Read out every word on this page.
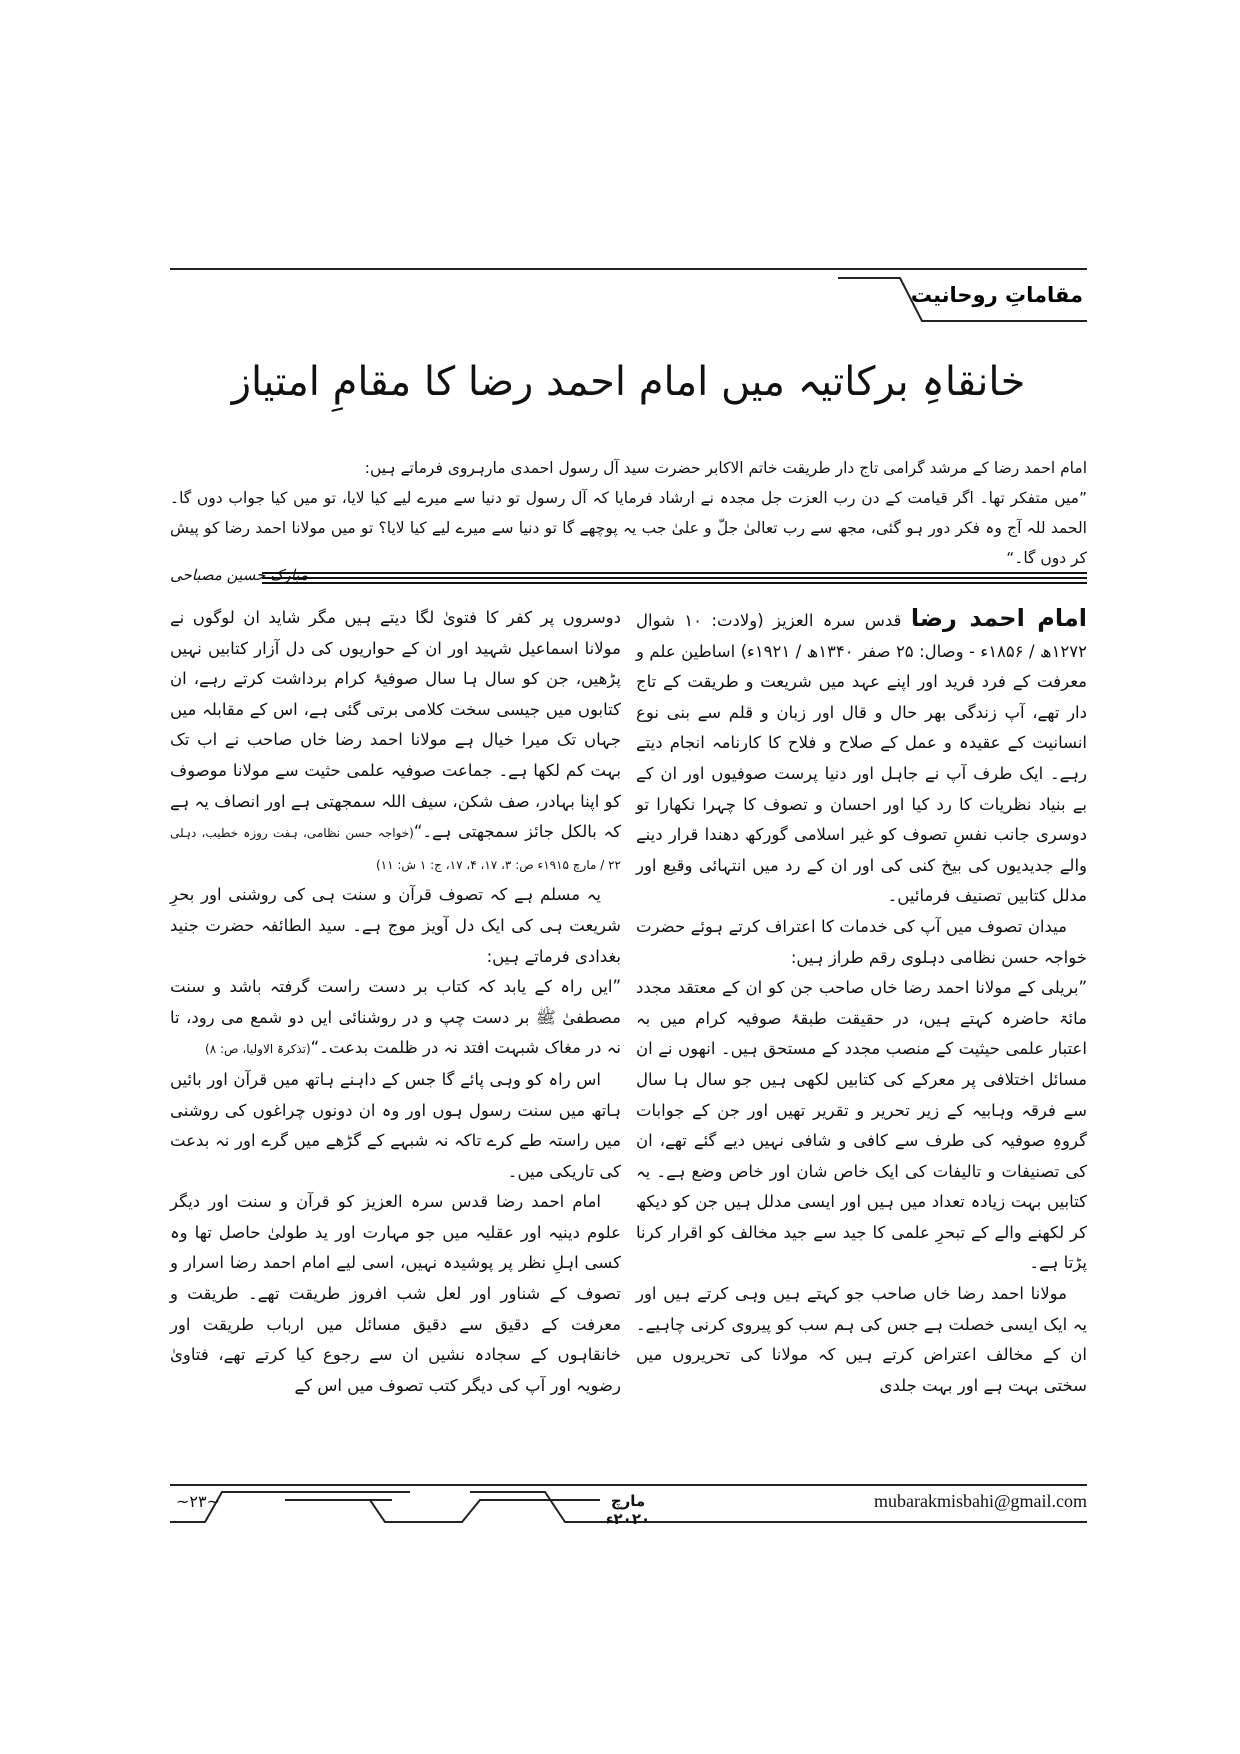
مقاماتِ روحانیت
خانقاہِ برکاتیہ میں امام احمد رضا کا مقامِ امتیاز

امام احمد رضا کے مرشد گرامی تاج دار طریقت خاتم الاکابر حضرت سید آل رسول احمدی مارہروی فرماتے ہیں:

”میں متفکر تھا۔ اگر قیامت کے دن رب العزت جل مجدہ نے ارشاد فرمایا کہ آل رسول تو دنیا سے میرے لیے کیا لایا، تو میں کیا جواب دوں گا۔ الحمد للہ آج وہ فکر دور ہو گئی، مجھ سے رب تعالیٰ جلّ و علیٰ جب یہ پوچھے گا تو دنیا سے میرے لیے کیا لایا؟ تو میں مولانا احمد رضا کو پیش کر دوں گا۔“

مبارک حسین مصباحی

امام احمد رضا قدس سرہ العزیز (ولادت: ۱۰ شوال ۱۲۷۲ھ / ۱۸۵۶ء - وصال: ۲۵ صفر ۱۳۴۰ھ / ۱۹۲۱ء) اساطین علم و معرفت کے فرد فرید اور اپنے عہد میں شریعت و طریقت کے تاج دار تھے، آپ زندگی بھر حال و قال اور زبان و قلم سے بنی نوع انسانیت کے عقیدہ و عمل کے صلاح و فلاح کا کارنامہ انجام دیتے رہے۔ ایک طرف آپ نے جاہل اور دنیا پرست صوفیوں اور ان کے بے بنیاد نظریات کا رد کیا اور احسان و تصوف کا چہرا نکھارا تو دوسری جانب نفسِ تصوف کو غیر اسلامی گورکھ دھندا قرار دینے والے جدیدیوں کی بیخ کنی کی اور ان کے رد میں انتہائی وقیع اور مدلل کتابیں تصنیف فرمائیں۔

میدان تصوف میں آپ کی خدمات کا اعتراف کرتے ہوئے حضرت خواجہ حسن نظامی دہلوی رقم طراز ہیں:

”بریلی کے مولانا احمد رضا خاں صاحب جن کو ان کے معتقد مجدد مائۃ حاضرہ کہتے ہیں، در حقیقت طبقۂ صوفیہ کرام میں بہ اعتبار علمی حیثیت کے منصب مجدد کے مستحق ہیں۔ انھوں نے ان مسائل اختلافی پر معرکے کی کتابیں لکھی ہیں جو سال ہا سال سے فرقہ وہابیہ کے زیر تحریر و تقریر تھیں اور جن کے جوابات گروہِ صوفیہ کی طرف سے کافی و شافی نہیں دیے گئے تھے، ان کی تصنیفات و تالیفات کی ایک خاص شان اور خاص وضع ہے۔ یہ کتابیں بہت زیادہ تعداد میں ہیں اور ایسی مدلل ہیں جن کو دیکھ کر لکھنے والے کے تبحرِ علمی کا جید سے جید مخالف کو اقرار کرنا پڑتا ہے۔

مولانا احمد رضا خاں صاحب جو کہتے ہیں وہی کرتے ہیں اور یہ ایک ایسی خصلت ہے جس کی ہم سب کو پیروی کرنی چاہیے۔ ان کے مخالف اعتراض کرتے ہیں کہ مولانا کی تحریروں میں سختی بہت ہے اور بہت جلدی

دوسروں پر کفر کا فتویٰ لگا دیتے ہیں مگر شاید ان لوگوں نے مولانا اسماعیل شہید اور ان کے حواریوں کی دل آزار کتابیں نہیں پڑھیں، جن کو سال ہا سال صوفیۂ کرام برداشت کرتے رہے، ان کتابوں میں جیسی سخت کلامی برتی گئی ہے، اس کے مقابلہ میں جہاں تک میرا خیال ہے مولانا احمد رضا خاں صاحب نے اب تک بہت کم لکھا ہے۔ جماعت صوفیہ علمی حثیت سے مولانا موصوف کو اپنا بہادر، صف شکن، سیف اللہ سمجھتی ہے اور انصاف یہ ہے کہ بالکل جائز سمجھتی ہے۔“(خواجہ حسن نظامی، ہفت روزہ خطیب، دہلی ۲۲ / مارچ ۱۹۱۵ء ص: ۳، ۱۷، ۴، ۱۷، ج: ۱ ش: ۱۱)

یہ مسلم ہے کہ تصوف قرآن و سنت ہی کی روشنی اور بحرِ شریعت ہی کی ایک دل آویز موج ہے۔ سید الطائفہ حضرت جنید بغدادی فرماتے ہیں:

”ایں راہ کے یابد کہ کتاب بر دست راست گرفتہ باشد و سنت مصطفیٰ ﷺ بر دست چپ و در روشنائی ایں دو شمع می رود، تا نہ در مغاک شبہت افتد نہ در ظلمت بدعت۔“(تذکرۃ الاولیا، ص: ۸)

اس راہ کو وہی پائے گا جس کے داہنے ہاتھ میں قرآن اور بائیں ہاتھ میں سنت رسول ہوں اور وہ ان دونوں چراغوں کی روشنی میں راستہ طے کرے تاکہ نہ شبہے کے گڑھے میں گرے اور نہ بدعت کی تاریکی میں۔

امام احمد رضا قدس سرہ العزیز کو قرآن و سنت اور دیگر علوم دینیہ اور عقلیہ میں جو مہارت اور ید طولیٰ حاصل تھا وہ کسی اہلِ نظر پر پوشیدہ نہیں، اسی لیے امام احمد رضا اسرار و تصوف کے شناور اور لعل شب افروز طریقت تھے۔ طریقت و معرفت کے دقیق سے دقیق مسائل میں ارباب طریقت اور خانقاہوں کے سجادہ نشیں ان سے رجوع کیا کرتے تھے، فتاویٰ رضویہ اور آپ کی دیگر کتب تصوف میں اس کے

~۲۳~	مارچ ۲۰۲۰ء
mubarakmisbahi@gmail.com
